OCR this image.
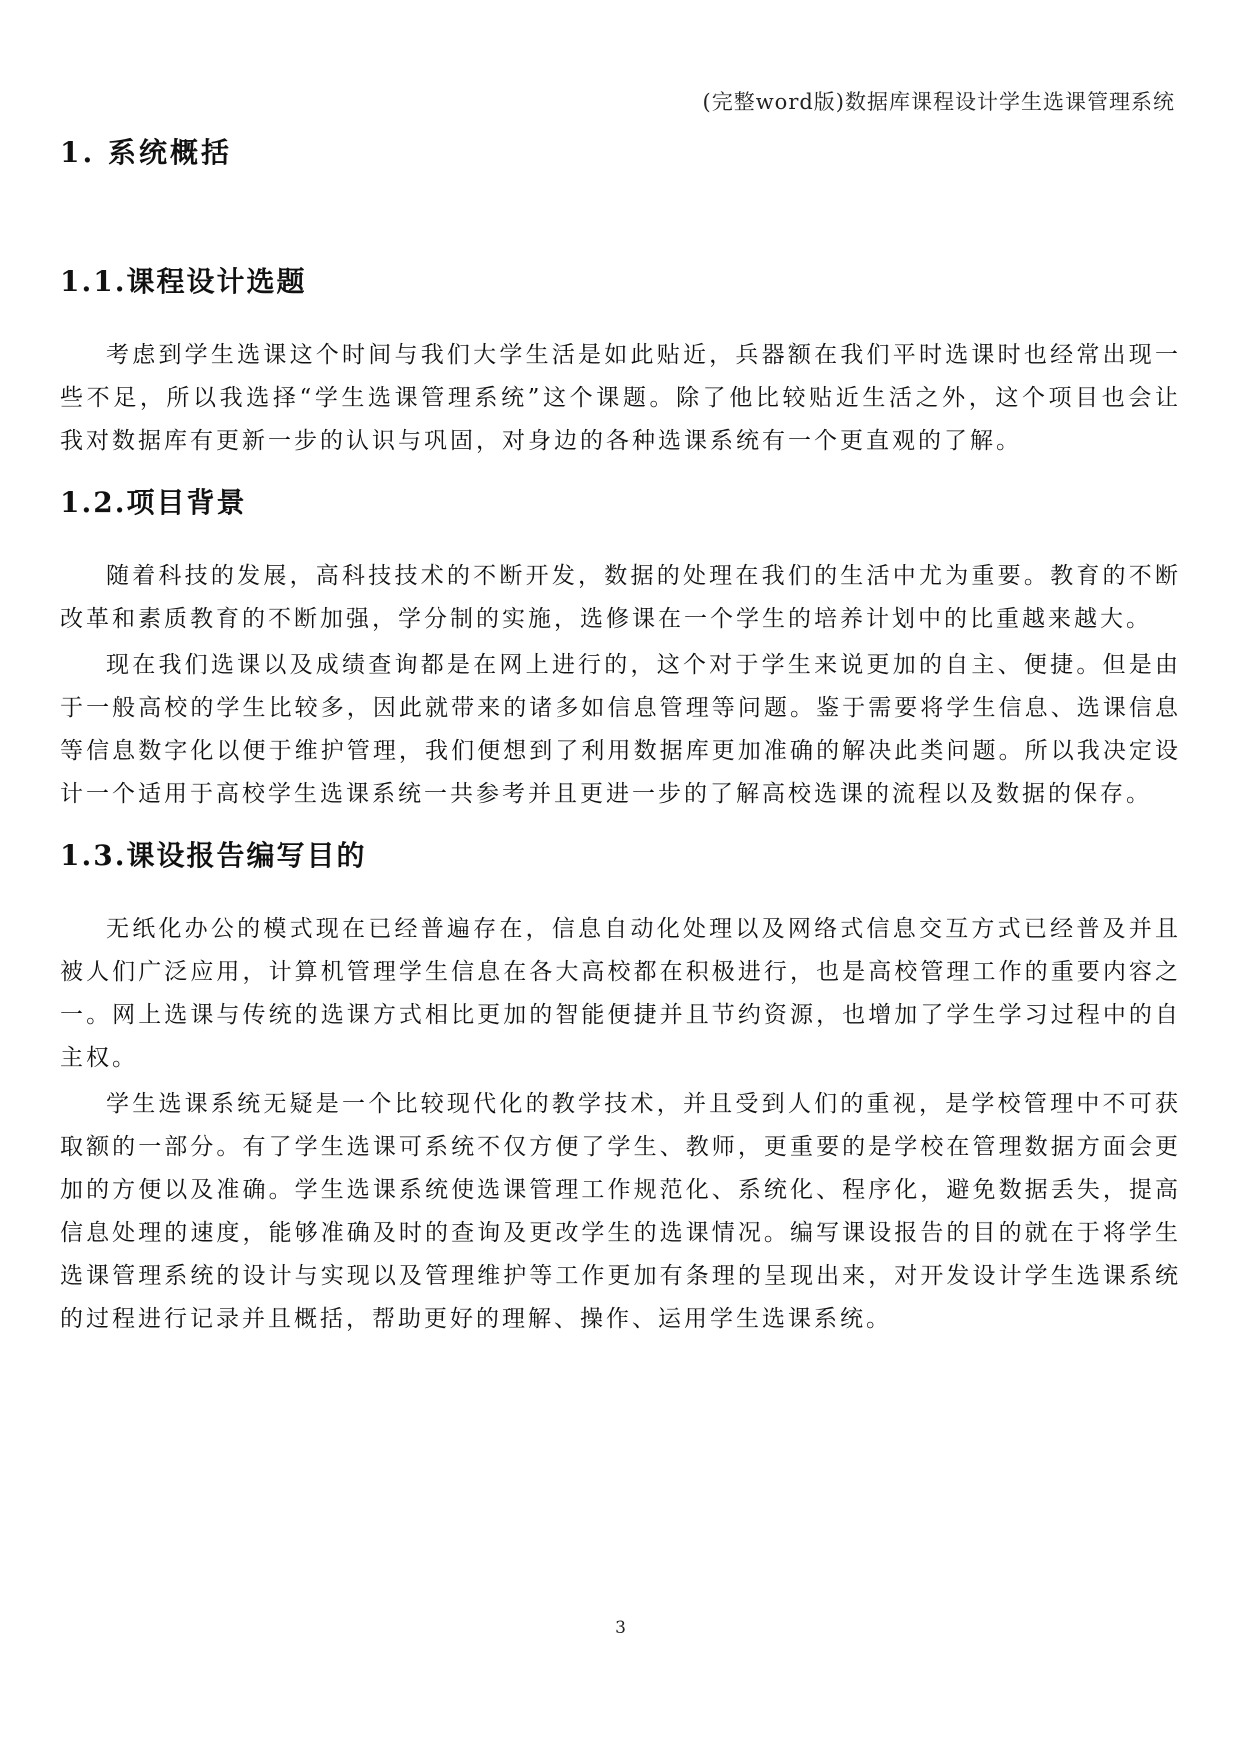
(完整word版)数据库课程设计学生选课管理系统
1. 系统概括
1.1.课程设计选题

考虑到学生选课这个时间与我们大学生活是如此贴近，兵器额在我们平时选课时也经常出现一些不足，所以我选择“学生选课管理系统”这个课题。除了他比较贴近生活之外，这个项目也会让我对数据库有更新一步的认识与巩固，对身边的各种选课系统有一个更直观的了解。

1.2.项目背景

随着科技的发展，高科技技术的不断开发，数据的处理在我们的生活中尤为重要。教育的不断改革和素质教育的不断加强，学分制的实施，选修课在一个学生的培养计划中的比重越来越大。

现在我们选课以及成绩查询都是在网上进行的，这个对于学生来说更加的自主、便捷。但是由于一般高校的学生比较多，因此就带来的诸多如信息管理等问题。鉴于需要将学生信息、选课信息等信息数字化以便于维护管理，我们便想到了利用数据库更加准确的解决此类问题。所以我决定设计一个适用于高校学生选课系统一共参考并且更进一步的了解高校选课的流程以及数据的保存。

1.3.课设报告编写目的

无纸化办公的模式现在已经普遍存在，信息自动化处理以及网络式信息交互方式已经普及并且被人们广泛应用，计算机管理学生信息在各大高校都在积极进行，也是高校管理工作的重要内容之一。网上选课与传统的选课方式相比更加的智能便捷并且节约资源，也增加了学生学习过程中的自主权。

学生选课系统无疑是一个比较现代化的教学技术，并且受到人们的重视，是学校管理中不可获取额的一部分。有了学生选课可系统不仅方便了学生、教师，更重要的是学校在管理数据方面会更加的方便以及准确。学生选课系统使选课管理工作规范化、系统化、程序化，避免数据丢失，提高信息处理的速度，能够准确及时的查询及更改学生的选课情况。编写课设报告的目的就在于将学生选课管理系统的设计与实现以及管理维护等工作更加有条理的呈现出来，对开发设计学生选课系统的过程进行记录并且概括，帮助更好的理解、操作、运用学生选课系统。

3
